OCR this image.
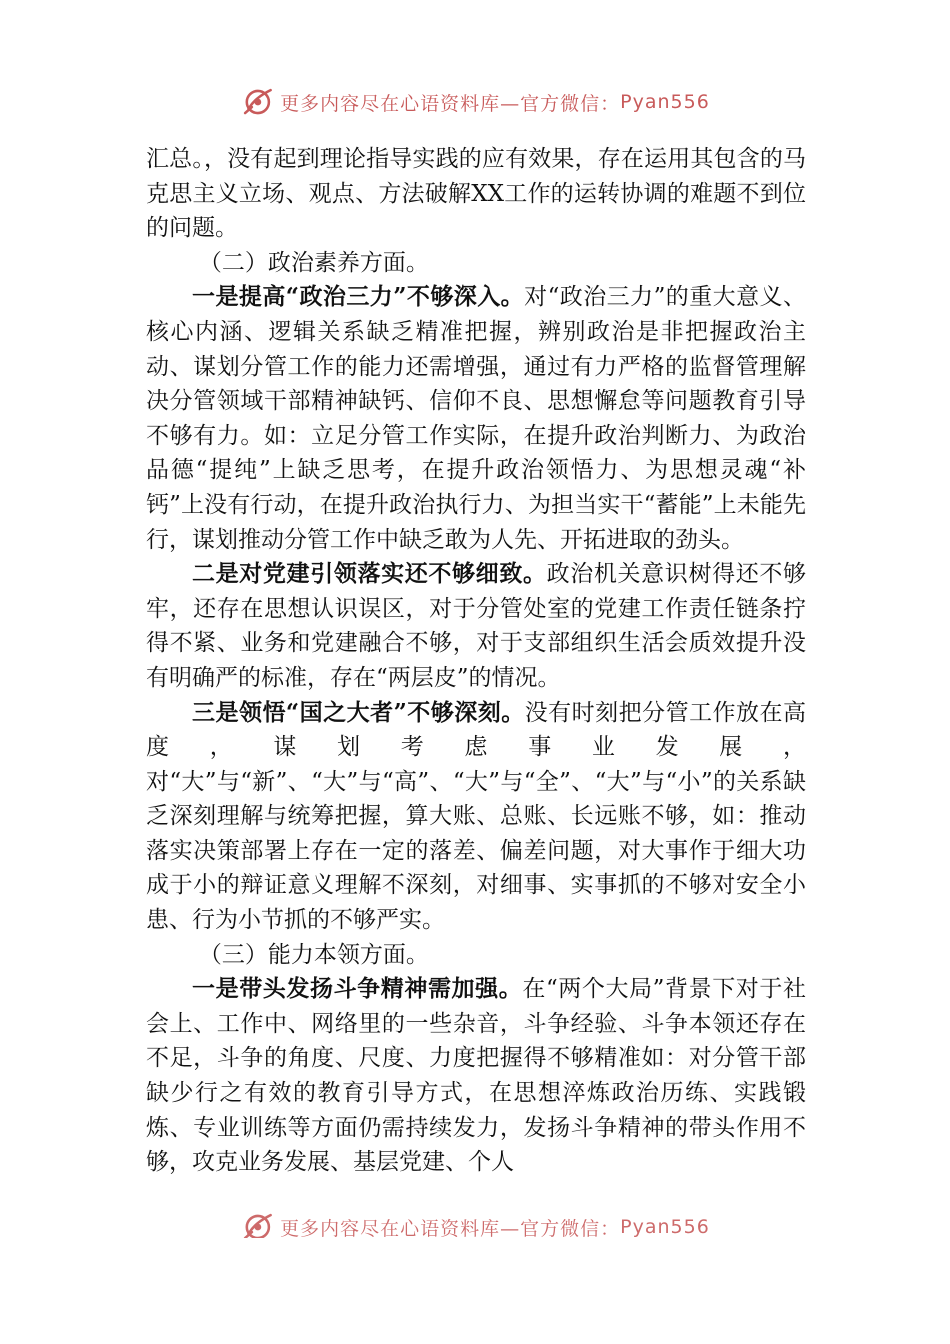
更多内容尽在心语资料库—官方微信： Pyan556

汇总。，没有起到理论指导实践的应有效果，存在运用其包含的马克思主义立场、观点、方法破解XX工作的运转协调的难题不到位的问题。

（二）政治素养方面。

一是提高“政治三力”不够深入。对“政治三力”的重大意义、核心内涵、逻辑关系缺乏精准把握，辨别政治是非把握政治主动、谋划分管工作的能力还需增强，通过有力严格的监督管理解决分管领域干部精神缺钙、信仰不良、思想懈怠等问题教育引导不够有力。如：立足分管工作实际，在提升政治判断力、为政治品德“提纯”上缺乏思考，在提升政治领悟力、为思想灵魂“补钙”上没有行动，在提升政治执行力、为担当实干“蓄能”上未能先行，谋划推动分管工作中缺乏敢为人先、开拓进取的劲头。

二是对党建引领落实还不够细致。政治机关意识树得还不够牢，还存在思想认识误区，对于分管处室的党建工作责任链条拧得不紧、业务和党建融合不够，对于支部组织生活会质效提升没有明确严的标准，存在“两层皮”的情况。

三是领悟“国之大者”不够深刻。没有时刻把分管工作放在高度，谋划考虑事业发展，对“大”与“新”、“大”与“高”、“大”与“全”、“大”与“小”的关系缺乏深刻理解与统筹把握，算大账、总账、长远账不够，如：推动落实决策部署上存在一定的落差、偏差问题，对大事作于细大功成于小的辩证意义理解不深刻，对细事、实事抓的不够对安全小患、行为小节抓的不够严实。

（三）能力本领方面。

一是带头发扬斗争精神需加强。在“两个大局”背景下对于社会上、工作中、网络里的一些杂音，斗争经验、斗争本领还存在不足，斗争的角度、尺度、力度把握得不够精准如：对分管干部缺少行之有效的教育引导方式，在思想淬炼政治历练、实践锻炼、专业训练等方面仍需持续发力，发扬斗争精神的带头作用不够，攻克业务发展、基层党建、个人

更多内容尽在心语资料库—官方微信： Pyan556
